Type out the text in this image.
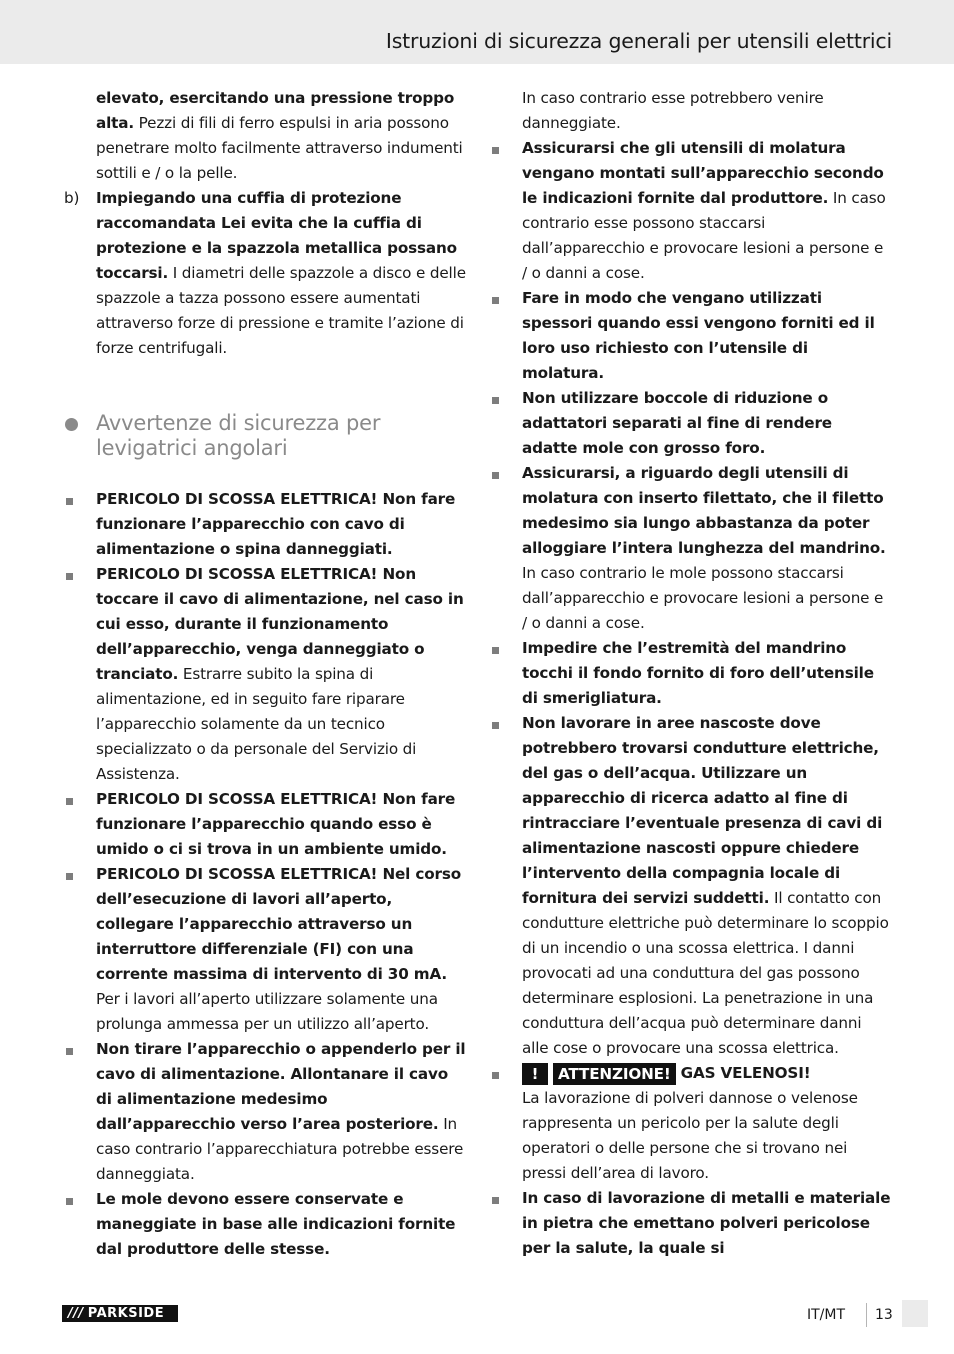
Istruzioni di sicurezza generali per utensili elettrici
elevato, esercitando una pressione troppo alta. Pezzi di fili di ferro espulsi in aria possono penetrare molto facilmente attraverso indumenti sottili e / o la pelle.
b) Impiegando una cuffia di protezione raccomandata Lei evita che la cuffia di protezione e la spazzola metallica possano toccarsi. I diametri delle spazzole a disco e delle spazzole a tazza possono essere aumentati attraverso forze di pressione e tramite l’azione di forze centrifugali.
Avvertenze di sicurezza per levigatrici angolari
PERICOLO DI SCOSSA ELETTRICA! Non fare funzionare l’apparecchio con cavo di alimentazione o spina danneggiati.
PERICOLO DI SCOSSA ELETTRICA! Non toccare il cavo di alimentazione, nel caso in cui esso, durante il funzionamento dell’apparecchio, venga danneggiato o tranciato. Estrarre subito la spina di alimentazione, ed in seguito fare riparare l’apparecchio solamente da un tecnico specializzato o da personale del Servizio di Assistenza.
PERICOLO DI SCOSSA ELETTRICA! Non fare funzionare l’apparecchio quando esso è umido o ci si trova in un ambiente umido.
PERICOLO DI SCOSSA ELETTRICA! Nel corso dell’esecuzione di lavori all’aperto, collegare l’apparecchio attraverso un interruttore differenziale (FI) con una corrente massima di intervento di 30 mA. Per i lavori all’aperto utilizzare solamente una prolunga ammessa per un utilizzo all’aperto.
Non tirare l’apparecchio o appenderlo per il cavo di alimentazione. Allontanare il cavo di alimentazione medesimo dall’apparecchio verso l’area posteriore. In caso contrario l’apparecchiatura potrebbe essere danneggiata.
Le mole devono essere conservate e maneggiate in base alle indicazioni fornite dal produttore delle stesse.
In caso contrario esse potrebbero venire danneggiate.
Assicurarsi che gli utensili di molatura vengano montati sull’apparecchio secondo le indicazioni fornite dal produttore. In caso contrario esse possono staccarsi dall’apparecchio e provocare lesioni a persone e / o danni a cose.
Fare in modo che vengano utilizzati spessori quando essi vengono forniti ed il loro uso richiesto con l’utensile di molatura.
Non utilizzare boccole di riduzione o adattatori separati al fine di rendere adatte mole con grosso foro.
Assicurarsi, a riguardo degli utensili di molatura con inserto filettato, che il filetto medesimo sia lungo abbastanza da poter alloggiare l’intera lunghezza del mandrino. In caso contrario le mole possono staccarsi dall’apparecchio e provocare lesioni a persone e / o danni a cose.
Impedire che l’estremità del mandrino tocchi il fondo fornito di foro dell’utensile di smerigliatura.
Non lavorare in aree nascoste dove potrebbero trovarsi condutture elettriche, del gas o dell’acqua. Utilizzare un apparecchio di ricerca adatto al fine di rintracciare l’eventuale presenza di cavi di alimentazione nascosti oppure chiedere l’intervento della compagnia locale di fornitura dei servizi suddetti. Il contatto con condutture elettriche può determinare lo scoppio di un incendio o una scossa elettrica. I danni provocati ad una conduttura del gas possono determinare esplosioni. La penetrazione in una conduttura dell’acqua può determinare danni alle cose o provocare una scossa elettrica.
!	ATTENZIONE! GAS VELENOSI!
La lavorazione di polveri dannose o velenose rappresenta un pericolo per la salute degli operatori o delle persone che si trovano nei pressi dell’area di lavoro.
In caso di lavorazione di metalli e materiale in pietra che emettano polveri pericolose per la salute, la quale si
/// PARKSIDE	IT/MT 13
